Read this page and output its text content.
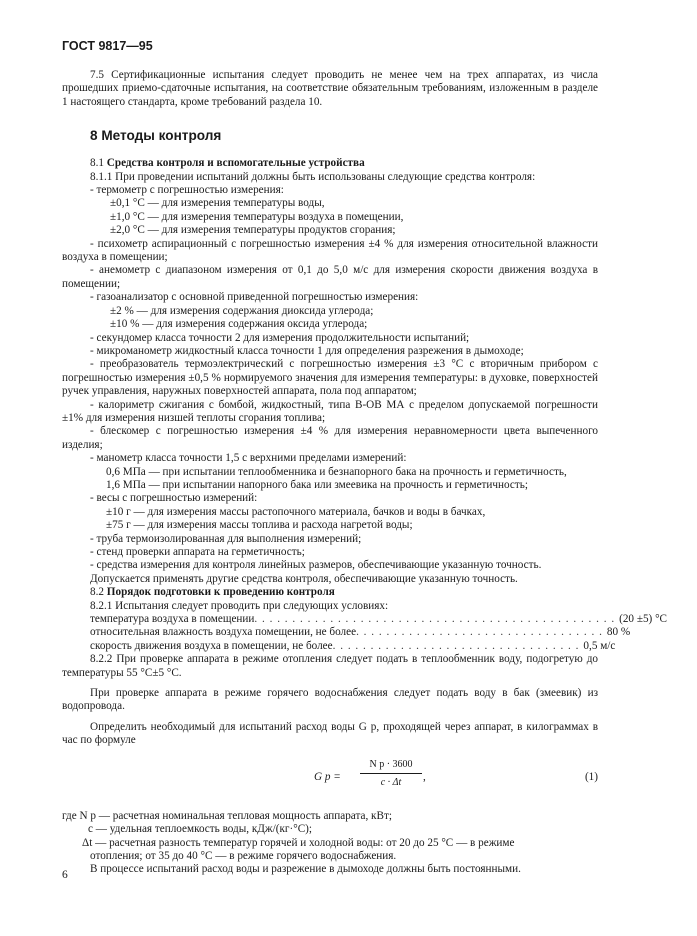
ГОСТ 9817—95

7.5 Сертификационные испытания следует проводить не менее чем на трех аппаратах, из числа прошедших приемо-сдаточные испытания, на соответствие обязательным требованиям, изложенным в разделе 1 настоящего стандарта, кроме требований раздела 10.

8 Методы контроля

8.1 Средства контроля и вспомогательные устройства

8.1.1 При проведении испытаний должны быть использованы следующие средства контроля:

- термометр с погрешностью измерения:

±0,1 °С — для измерения температуры воды,

±1,0 °С — для измерения температуры воздуха в помещении,

±2,0 °С — для измерения температуры продуктов сгорания;

- психометр аспирационный с погрешностью измерения ±4 % для измерения относительной влажности воздуха в помещении;

- анемометр с диапазоном измерения от 0,1 до 5,0 м/с для измерения скорости движения воздуха в помещении;

- газоанализатор с основной приведенной погрешностью измерения:

±2 % — для измерения содержания диоксида углерода;

±10 % — для измерения содержания оксида углерода;

- секундомер класса точности 2 для измерения продолжительности испытаний;

- микроманометр жидкостный класса точности 1 для определения разрежения в дымоходе;

- преобразователь термоэлектрический с погрешностью измерения ±3 °С с вторичным прибором с погрешностью измерения ±0,5 % нормируемого значения для измерения температуры: в духовке, поверхностей ручек управления, наружных поверхностей аппарата, пола под аппаратом;

- калориметр сжигания с бомбой, жидкостный, типа В-ОВ МА с пределом допускаемой погрешности ±1% для измерения низшей теплоты сгорания топлива;

- блескомер с погрешностью измерения ±4 % для измерения неравномерности цвета выпеченного изделия;

- манометр класса точности 1,5 с верхними пределами измерений:

0,6 МПа — при испытании теплообменника и безнапорного бака на прочность и герметичность,

1,6 МПа — при испытании напорного бака или змеевика на прочность и герметичность;

- весы с погрешностью измерений:

±10 г — для измерения массы растопочного материала, бачков и воды в бачках,

±75 г — для измерения массы топлива и расхода нагретой воды;

- труба термоизолированная для выполнения измерений;

- стенд проверки аппарата на герметичность;

- средства измерения для контроля линейных размеров, обеспечивающие указанную точность.

Допускается применять другие средства контроля, обеспечивающие указанную точность.

8.2 Порядок подготовки к проведению контроля

8.2.1 Испытания следует проводить при следующих условиях:

температура воздуха в помещении . . . . . . . . . . . . . . . . . . . . . . . . . . . . . . . . . . . . . . . . . . . . . . . . (20 ±5) °С
относительная влажность воздуха помещении, не более . . . . . . . . . . . . . . . . . . . . . . . . . . . . . . . . . 80 %
скорость движения воздуха в помещении, не более . . . . . . . . . . . . . . . . . . . . . . . . . . . . . . . . . 0,5 м/с

8.2.2 При проверке аппарата в режиме отопления следует подать в теплообменник воду, подогретую до температуры 55 °С±5 °С.

При проверке аппарата в режиме горячего водоснабжения следует подать воду в бак (змеевик) из водопровода.

Определить необходимый для испытаний расход воды G р, проходящей через аппарат, в килограммах в час по формуле

G р =
N р · 3600
c · Δt	,	(1)

где N р — расчетная номинальная тепловая мощность аппарата, кВт;

c — удельная теплоемкость воды, кДж/(кг·°С);

Δt — расчетная разность температур горячей и холодной воды: от 20 до 25 °С — в режиме

отопления; от 35 до 40 °С — в режиме горячего водоснабжения.

В процессе испытаний расход воды и разрежение в дымоходе должны быть постоянными.

6
